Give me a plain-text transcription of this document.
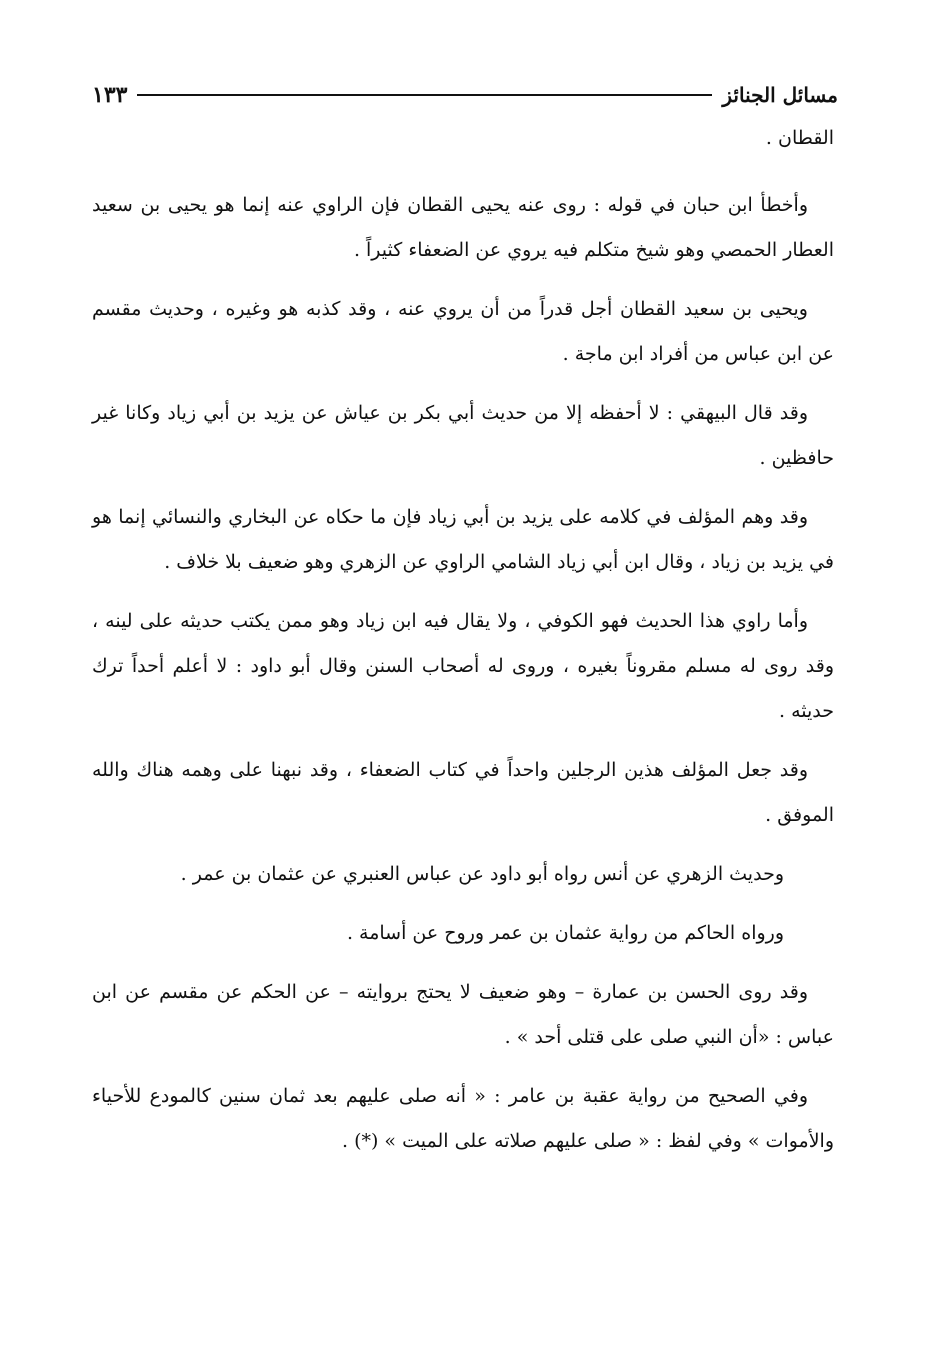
مسائل الجنائز
١٣٣

القطان .

وأخطأ ابن حبان في قوله : روى عنه يحيى القطان فإن الراوي عنه إنما هو يحيى بن سعيد العطار الحمصي وهو شيخ متكلم فيه يروي عن الضعفاء كثيراً .

ويحيى بن سعيد القطان أجل قدراً من أن يروي عنه ، وقد كذبه هو وغيره ، وحديث مقسم عن ابن عباس من أفراد ابن ماجة .

وقد قال البيهقي : لا أحفظه إلا من حديث أبي بكر بن عياش عن يزيد بن أبي زياد وكانا غير حافظين .

وقد وهم المؤلف في كلامه على يزيد بن أبي زياد فإن ما حكاه عن البخاري والنسائي إنما هو في يزيد بن زياد ، وقال ابن أبي زياد الشامي الراوي عن الزهري وهو ضعيف بلا خلاف .

وأما راوي هذا الحديث فهو الكوفي ، ولا يقال فيه ابن زياد وهو ممن يكتب حديثه على لينه ، وقد روى له مسلم مقروناً بغيره ، وروى له أصحاب السنن وقال أبو داود : لا أعلم أحداً ترك حديثه .

وقد جعل المؤلف هذين الرجلين واحداً في كتاب الضعفاء ، وقد نبهنا على وهمه هناك والله الموفق .

وحديث الزهري عن أنس رواه أبو داود عن عباس العنبري عن عثمان بن عمر .

ورواه الحاكم من رواية عثمان بن عمر وروح عن أسامة .

وقد روى الحسن بن عمارة – وهو ضعيف لا يحتج بروايته – عن الحكم عن مقسم عن ابن عباس : «أن النبي صلى على قتلى أحد » .

وفي الصحيح من رواية عقبة بن عامر : « أنه صلى عليهم بعد ثمان سنين كالمودع للأحياء والأموات » وفي لفظ : « صلى عليهم صلاته على الميت » (*) .
